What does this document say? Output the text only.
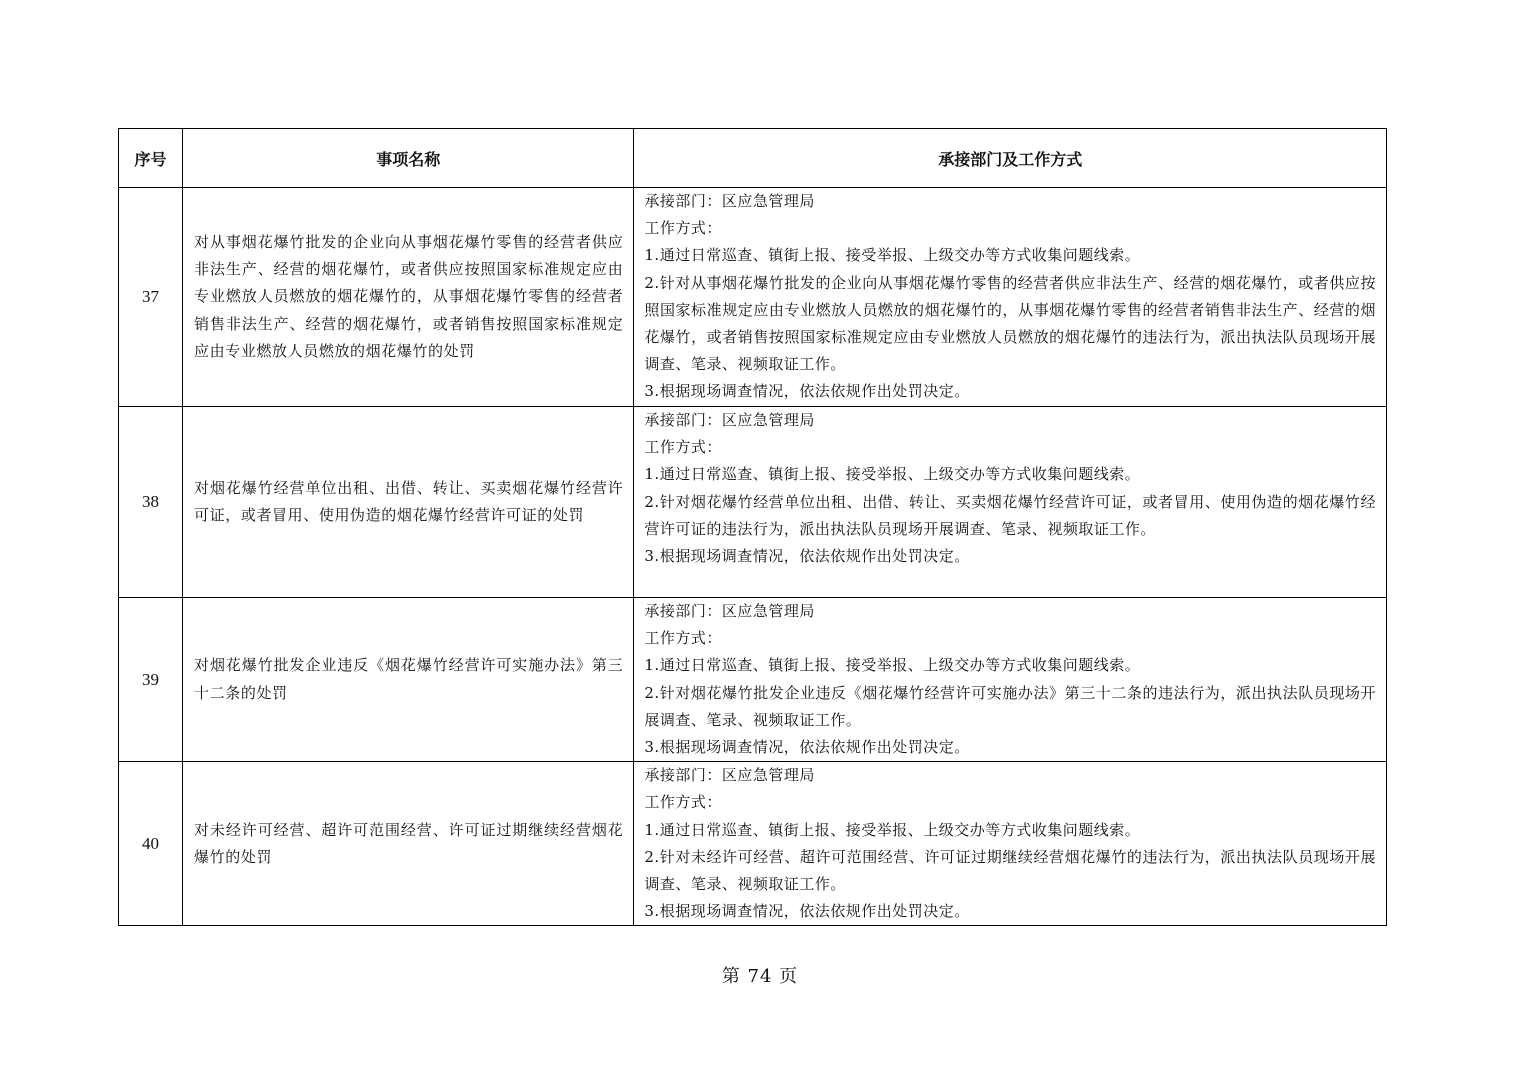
序号	事项名称	承接部门及工作方式
37	对从事烟花爆竹批发的企业向从事烟花爆竹零售的经营者供应非法生产、经营的烟花爆竹，或者供应按照国家标准规定应由专业燃放人员燃放的烟花爆竹的，从事烟花爆竹零售的经营者销售非法生产、经营的烟花爆竹，或者销售按照国家标准规定应由专业燃放人员燃放的烟花爆竹的处罚	承接部门：区应急管理局
工作方式：
1.通过日常巡查、镇街上报、接受举报、上级交办等方式收集问题线索。
2.针对从事烟花爆竹批发的企业向从事烟花爆竹零售的经营者供应非法生产、经营的烟花爆竹，或者供应按照国家标准规定应由专业燃放人员燃放的烟花爆竹的，从事烟花爆竹零售的经营者销售非法生产、经营的烟花爆竹，或者销售按照国家标准规定应由专业燃放人员燃放的烟花爆竹的违法行为，派出执法队员现场开展调查、笔录、视频取证工作。
3.根据现场调查情况，依法依规作出处罚决定。

38	对烟花爆竹经营单位出租、出借、转让、买卖烟花爆竹经营许可证，或者冒用、使用伪造的烟花爆竹经营许可证的处罚	承接部门：区应急管理局
工作方式：
1.通过日常巡查、镇街上报、接受举报、上级交办等方式收集问题线索。
2.针对烟花爆竹经营单位出租、出借、转让、买卖烟花爆竹经营许可证，或者冒用、使用伪造的烟花爆竹经营许可证的违法行为，派出执法队员现场开展调查、笔录、视频取证工作。
3.根据现场调查情况，依法依规作出处罚决定。

39	对烟花爆竹批发企业违反《烟花爆竹经营许可实施办法》第三十二条的处罚	承接部门：区应急管理局
工作方式：
1.通过日常巡查、镇街上报、接受举报、上级交办等方式收集问题线索。
2.针对烟花爆竹批发企业违反《烟花爆竹经营许可实施办法》第三十二条的违法行为，派出执法队员现场开展调查、笔录、视频取证工作。
3.根据现场调查情况，依法依规作出处罚决定。

40	对未经许可经营、超许可范围经营、许可证过期继续经营烟花爆竹的处罚	承接部门：区应急管理局
工作方式：
1.通过日常巡查、镇街上报、接受举报、上级交办等方式收集问题线索。
2.针对未经许可经营、超许可范围经营、许可证过期继续经营烟花爆竹的违法行为，派出执法队员现场开展调查、笔录、视频取证工作。
3.根据现场调查情况，依法依规作出处罚决定。
第 74 页
